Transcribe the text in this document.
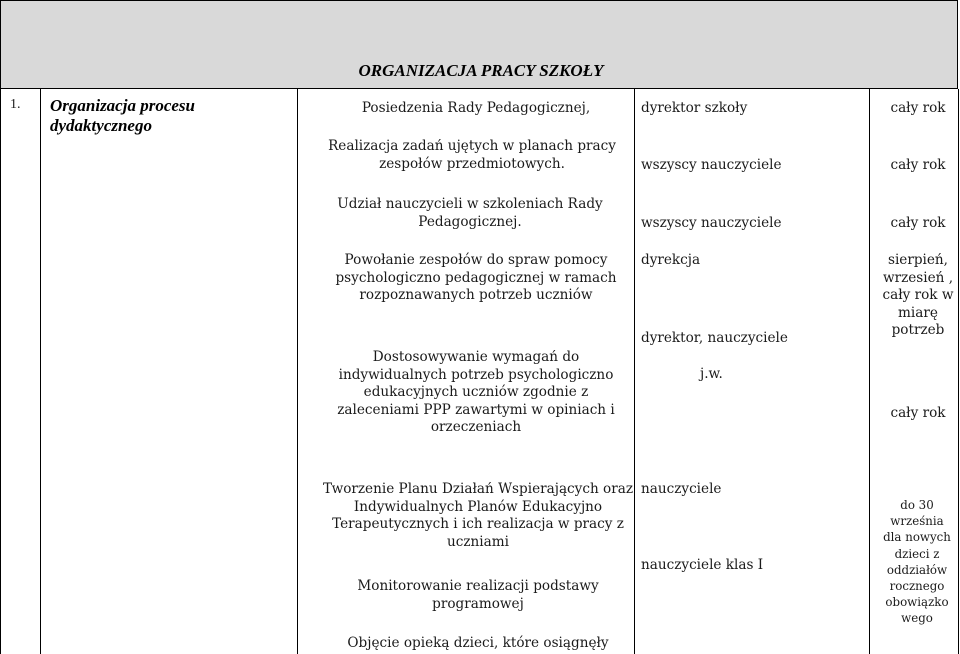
ORGANIZACJA PRACY SZKOŁY
1. Organizacja procesu dydaktycznego
Posiedzenia Rady Pedagogicznej,
Realizacja zadań ujętych w planach pracy zespołów przedmiotowych.
Udział nauczycieli w szkoleniach Rady Pedagogicznej.
Powołanie zespołów do spraw pomocy psychologiczno pedagogicznej w ramach rozpoznawanych potrzeb uczniów
Dostosowywanie wymagań do indywidualnych potrzeb psychologiczno edukacyjnych uczniów zgodnie z zaleceniami PPP zawartymi w opiniach i orzeczeniach
Tworzenie Planu Działań Wspierających oraz Indywidualnych Planów Edukacyjno Terapeutycznych i ich realizacja w pracy z uczniami
Monitorowanie realizacji podstawy programowej
Objęcie opieką dzieci, które osiągnęły
dyrektor szkoły
wszyscy nauczyciele
wszyscy nauczyciele
dyrekcja
dyrektor, nauczyciele
j.w.
nauczyciele
nauczyciele klas I
cały rok
cały rok
cały rok
sierpień, wrzesień , cały rok w miarę potrzeb
cały rok
do 30 września dla nowych dzieci z oddziałów rocznego obowiązko wego
